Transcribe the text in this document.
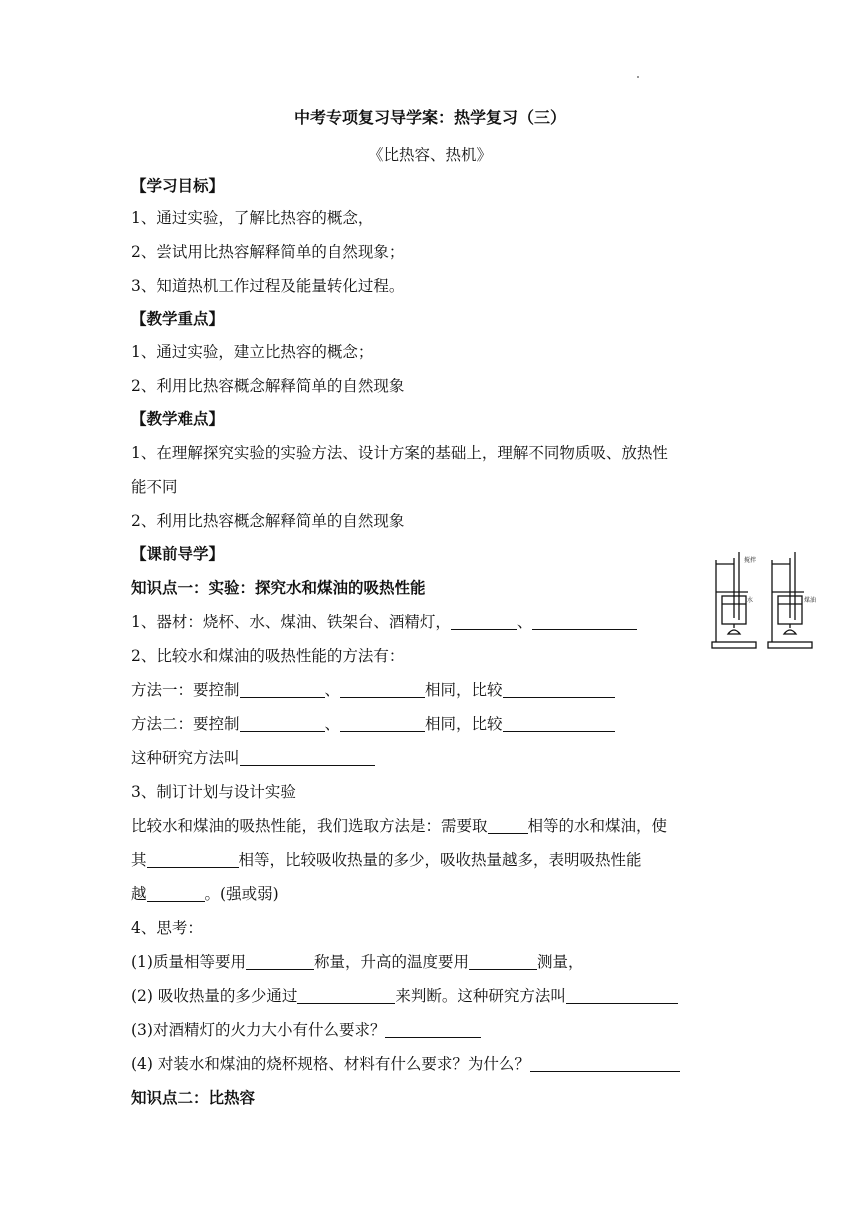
中考专项复习导学案：热学复习（三）
《比热容、热机》
【学习目标】
1、通过实验，了解比热容的概念，
2、尝试用比热容解释简单的自然现象；
3、知道热机工作过程及能量转化过程。
【教学重点】
1、通过实验，建立比热容的概念；
2、利用比热容概念解释简单的自然现象
【教学难点】
1、在理解探究实验的实验方法、设计方案的基础上，理解不同物质吸、放热性
能不同
2、利用比热容概念解释简单的自然现象
【课前导学】
知识点一：实验：探究水和煤油的吸热性能
1、器材：烧杯、水、煤油、铁架台、酒精灯，	、
2、比较水和煤油的吸热性能的方法有：
方法一：要控制	、	相同，比较
方法二：要控制	、	相同，比较
这种研究方法叫
3、制订计划与设计实验
比较水和煤油的吸热性能，我们选取方法是：需要取	相等的水和煤油，使
其	相等，比较吸收热量的多少，吸收热量越多，表明吸热性能
越	。(强或弱)
4、思考：
(1)质量相等要用	称量，升高的温度要用	测量，
(2) 吸收热量的多少通过	来判断。这种研究方法叫
(3)对酒精灯的火力大小有什么要求？
(4) 对装水和煤油的烧杯规格、材料有什么要求？为什么？
知识点二：比热容
搅拌
水	煤油
